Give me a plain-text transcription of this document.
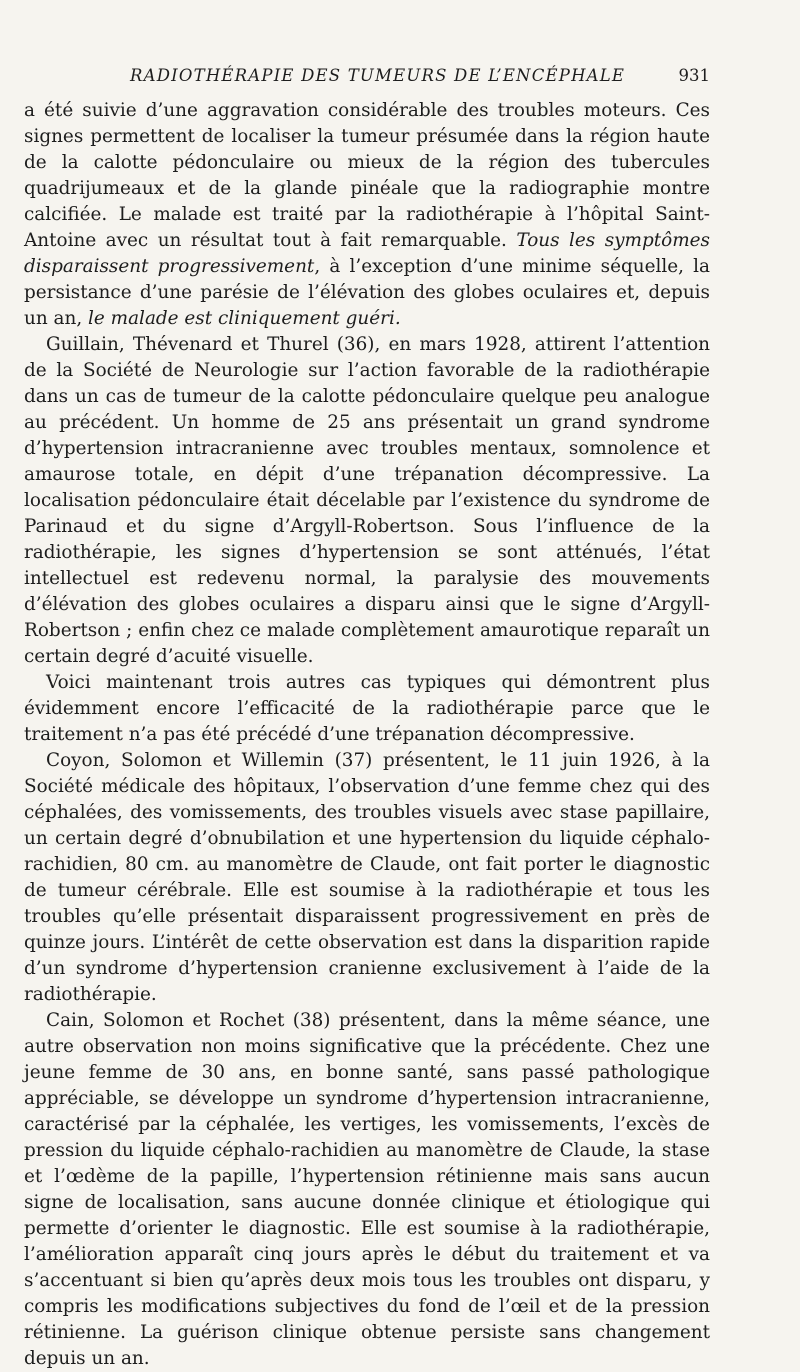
RADIOTHÉRAPIE DES TUMEURS DE L’ENCÉPHALE	931

a été suivie d’une aggravation considérable des troubles moteurs. Ces signes permettent de localiser la tumeur présumée dans la région haute de la calotte pédonculaire ou mieux de la région des tubercules quadrijumeaux et de la glande pinéale que la radiographie montre calcifiée. Le malade est traité par la radiothérapie à l’hôpital Saint-Antoine avec un résultat tout à fait remarquable. Tous les symptômes disparaissent progressivement, à l’exception d’une minime séquelle, la persistance d’une parésie de l’élévation des globes oculaires et, depuis un an, le malade est cliniquement guéri.

Guillain, Thévenard et Thurel (36), en mars 1928, attirent l’attention de la Société de Neurologie sur l’action favorable de la radiothérapie dans un cas de tumeur de la calotte pédonculaire quelque peu analogue au précédent. Un homme de 25 ans présentait un grand syndrome d’hypertension intracranienne avec troubles mentaux, somnolence et amaurose totale, en dépit d’une trépanation décompressive. La localisation pédonculaire était décelable par l’existence du syndrome de Parinaud et du signe d’Argyll-Robertson. Sous l’influence de la radiothérapie, les signes d’hypertension se sont atténués, l’état intellectuel est redevenu normal, la paralysie des mouvements d’élévation des globes oculaires a disparu ainsi que le signe d’Argyll-Robertson ; enfin chez ce malade complètement amaurotique reparaît un certain degré d’acuité visuelle.

Voici maintenant trois autres cas typiques qui démontrent plus évidemment encore l’efficacité de la radiothérapie parce que le traitement n’a pas été précédé d’une trépanation décompressive.

Coyon, Solomon et Willemin (37) présentent, le 11 juin 1926, à la Société médicale des hôpitaux, l’observation d’une femme chez qui des céphalées, des vomissements, des troubles visuels avec stase papillaire, un certain degré d’obnubilation et une hypertension du liquide céphalo-rachidien, 80 cm. au manomètre de Claude, ont fait porter le diagnostic de tumeur cérébrale. Elle est soumise à la radiothérapie et tous les troubles qu’elle présentait disparaissent progressivement en près de quinze jours. L’intérêt de cette observation est dans la disparition rapide d’un syndrome d’hypertension cranienne exclusivement à l’aide de la radiothérapie.

Cain, Solomon et Rochet (38) présentent, dans la même séance, une autre observation non moins significative que la précédente. Chez une jeune femme de 30 ans, en bonne santé, sans passé pathologique appréciable, se développe un syndrome d’hypertension intracranienne, caractérisé par la céphalée, les vertiges, les vomissements, l’excès de pression du liquide céphalo-rachidien au manomètre de Claude, la stase et l’œdème de la papille, l’hypertension rétinienne mais sans aucun signe de localisation, sans aucune donnée clinique et étiologique qui permette d’orienter le diagnostic. Elle est soumise à la radiothérapie, l’amélioration apparaît cinq jours après le début du traitement et va s’accentuant si bien qu’après deux mois tous les troubles ont disparu, y compris les modifications subjectives du fond de l’œil et de la pression rétinienne. La guérison clinique obtenue persiste sans changement depuis un an.
